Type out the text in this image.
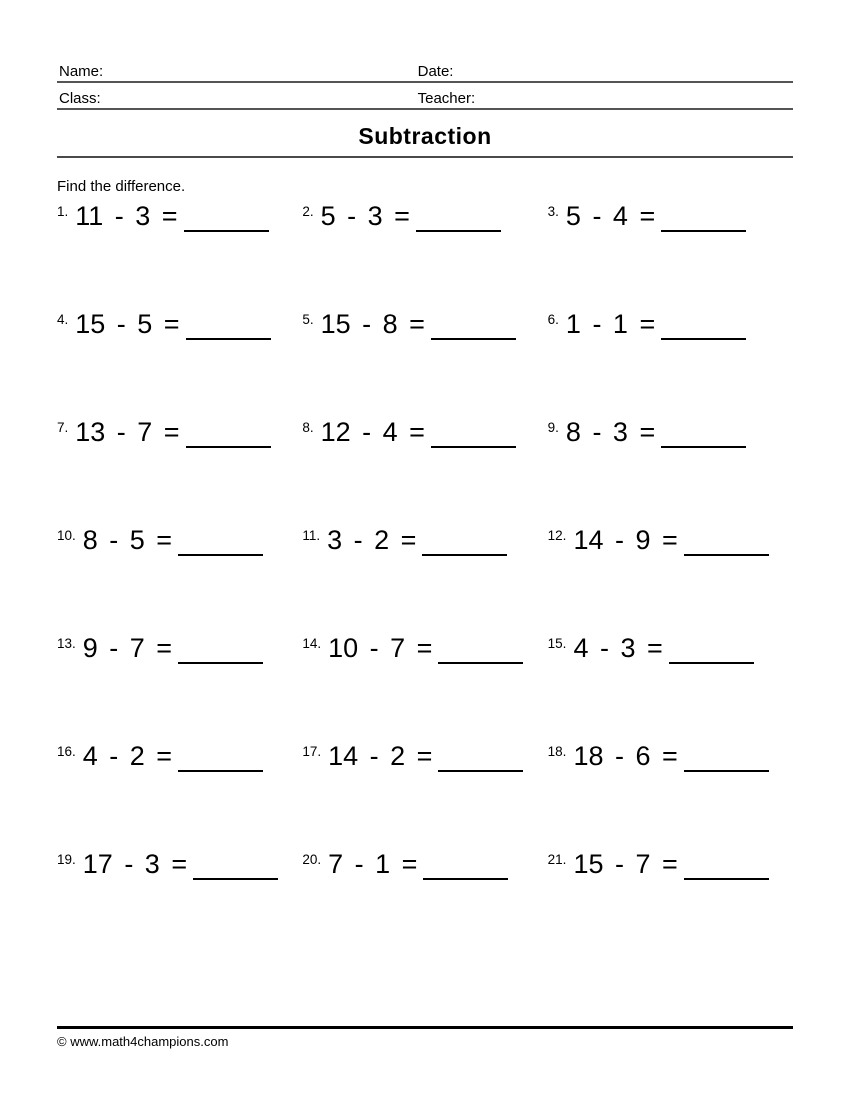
Name:	Date:
Class:	Teacher:
Subtraction
Find the difference.
1. 11 - 3 =	2. 5 - 3 =	3. 5 - 4 =
4. 15 - 5 =	5. 15 - 8 =	6. 1 - 1 =
7. 13 - 7 =	8. 12 - 4 =	9. 8 - 3 =
10. 8 - 5 =	11. 3 - 2 =	12. 14 - 9 =
13. 9 - 7 =	14. 10 - 7 =	15. 4 - 3 =
16. 4 - 2 =	17. 14 - 2 =	18. 18 - 6 =
19. 17 - 3 =	20. 7 - 1 =	21. 15 - 7 =
© www.math4champions.com
